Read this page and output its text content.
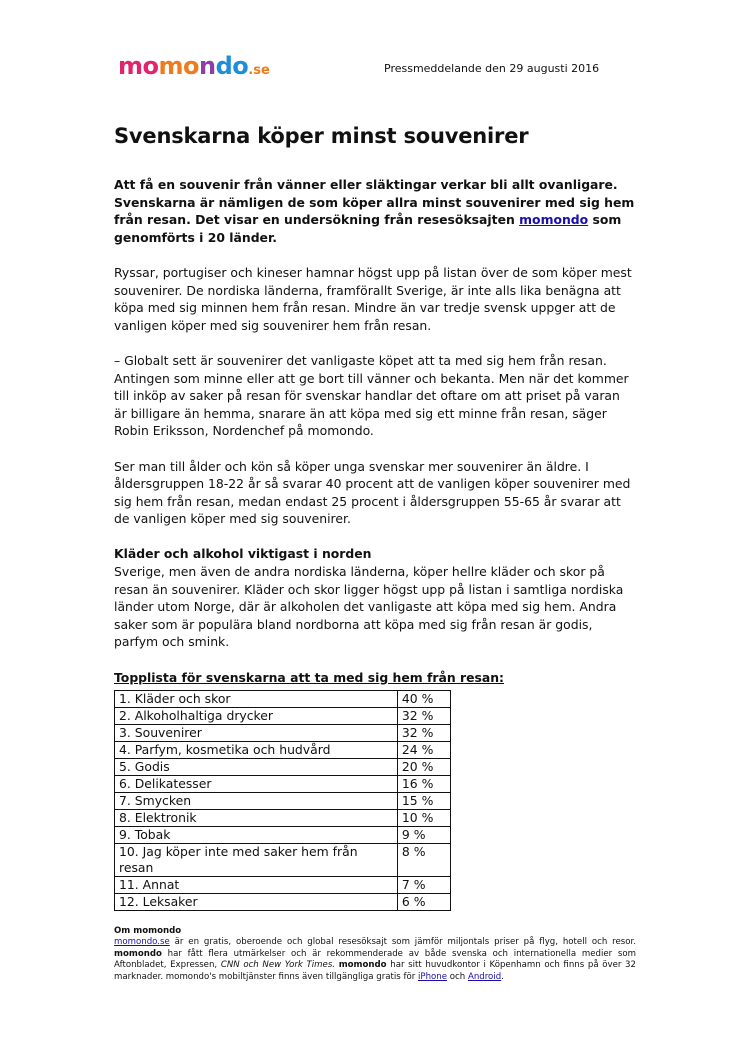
momondo.se	Pressmeddelande den 29 augusti 2016
Svenskarna köper minst souvenirer

Att få en souvenir från vänner eller släktingar verkar bli allt ovanligare. Svenskarna är nämligen de som köper allra minst souvenirer med sig hem från resan. Det visar en undersökning från resesöksajten momondo som genomförts i 20 länder.

Ryssar, portugiser och kineser hamnar högst upp på listan över de som köper mest souvenirer. De nordiska länderna, framförallt Sverige, är inte alls lika benägna att köpa med sig minnen hem från resan. Mindre än var tredje svensk uppger att de vanligen köper med sig souvenirer hem från resan.

– Globalt sett är souvenirer det vanligaste köpet att ta med sig hem från resan. Antingen som minne eller att ge bort till vänner och bekanta. Men när det kommer till inköp av saker på resan för svenskar handlar det oftare om att priset på varan är billigare än hemma, snarare än att köpa med sig ett minne från resan, säger Robin Eriksson, Nordenchef på momondo.

Ser man till ålder och kön så köper unga svenskar mer souvenirer än äldre. I åldersgruppen 18-22 år så svarar 40 procent att de vanligen köper souvenirer med sig hem från resan, medan endast 25 procent i åldersgruppen 55-65 år svarar att de vanligen köper med sig souvenirer.

Kläder och alkohol viktigast i norden

Sverige, men även de andra nordiska länderna, köper hellre kläder och skor på resan än souvenirer. Kläder och skor ligger högst upp på listan i samtliga nordiska länder utom Norge, där är alkoholen det vanligaste att köpa med sig hem. Andra saker som är populära bland nordborna att köpa med sig från resan är godis, parfym och smink.

Topplista för svenskarna att ta med sig hem från resan:
1. Kläder och skor	40 %
2. Alkoholhaltiga drycker	32 %
3. Souvenirer	32 %
4. Parfym, kosmetika och hudvård	24 %
5. Godis	20 %
6. Delikatesser	16 %
7. Smycken	15 %
8. Elektronik	10 %
9. Tobak	9 %
10. Jag köper inte med saker hem från resan	8 %
11. Annat	7 %
12. Leksaker	6 %
Om momondo
momondo.se är en gratis, oberoende och global resesöksajt som jämför miljontals priser på flyg, hotell och resor. momondo har fått flera utmärkelser och är rekommenderade av både svenska och internationella medier som Aftonbladet, Expressen, CNN och New York Times. momondo har sitt huvudkontor i Köpenhamn och finns på över 32 marknader. momondo's mobiltjänster finns även tillgängliga gratis för iPhone och Android.
